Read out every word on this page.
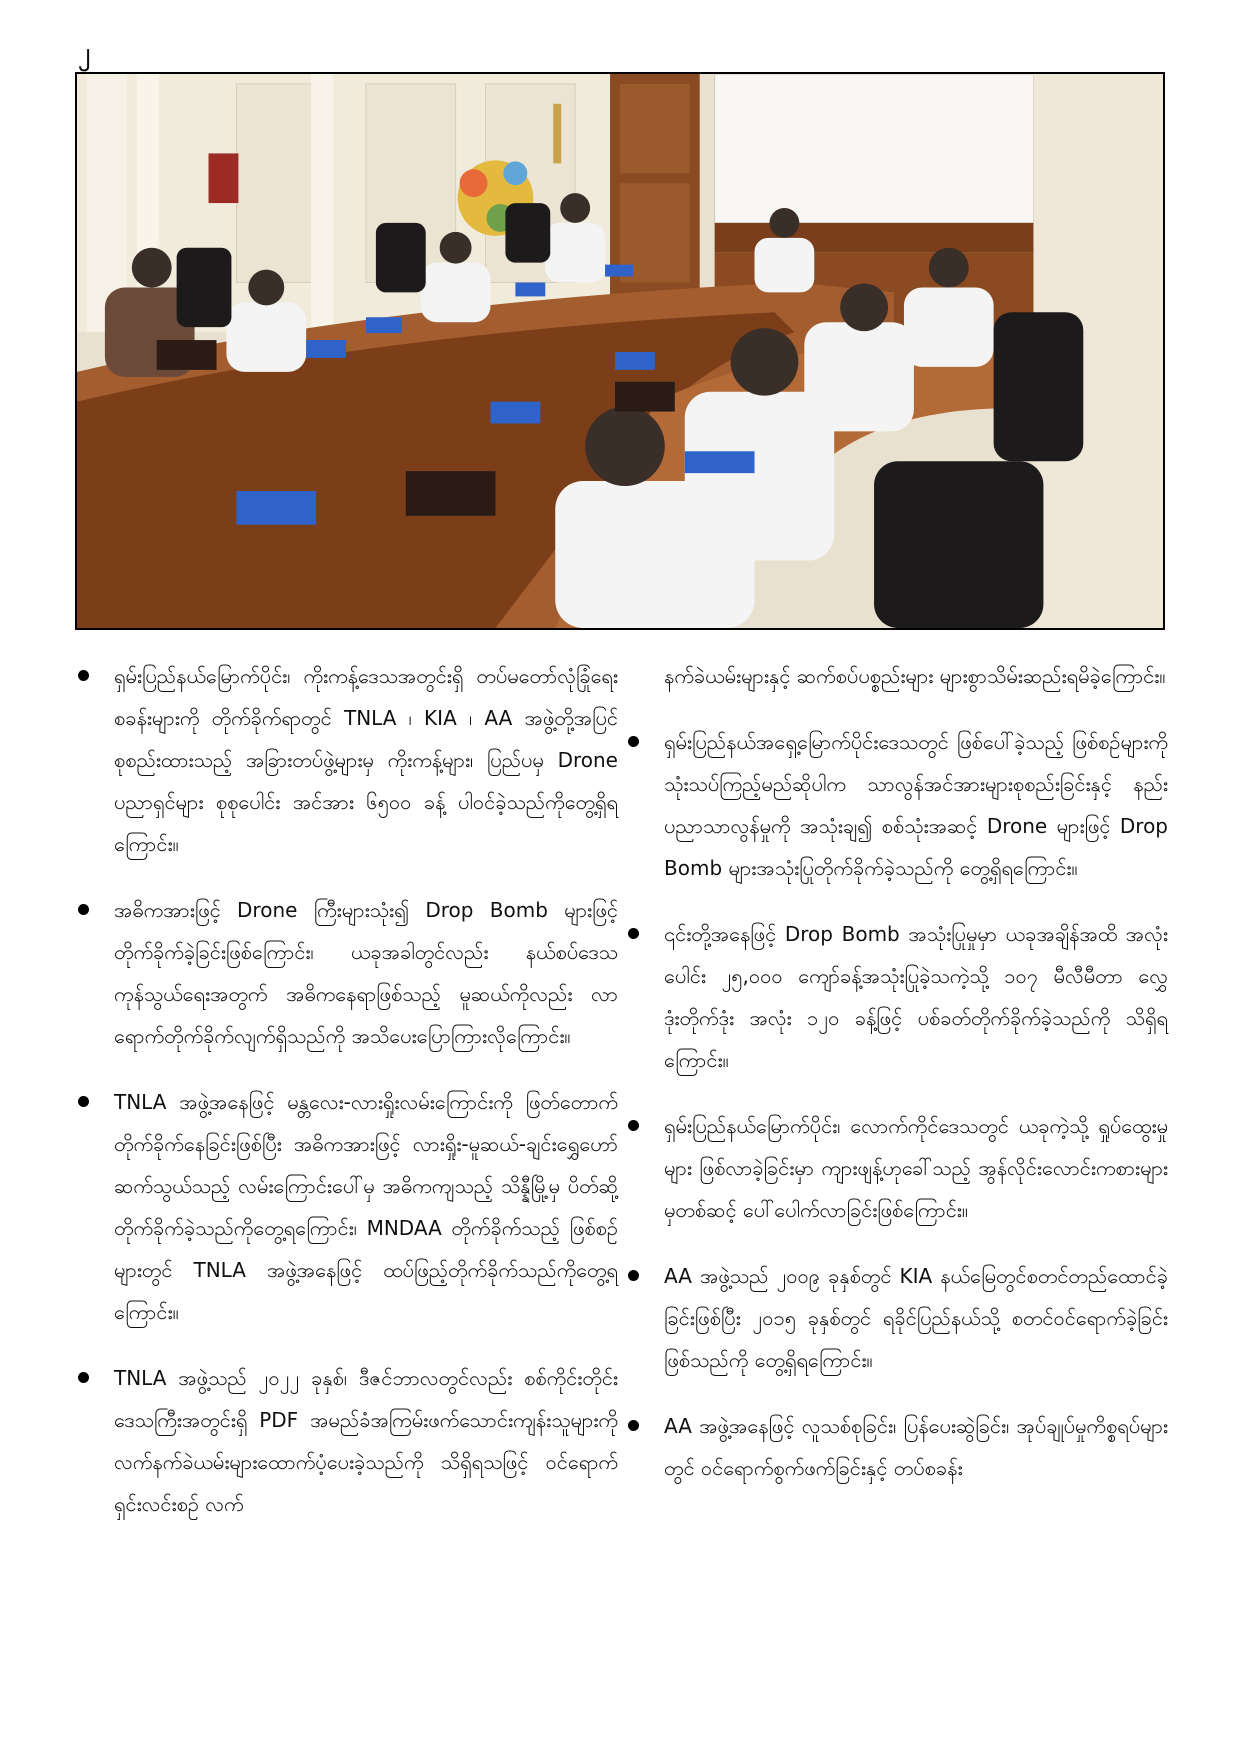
၂
ရှမ်းပြည်နယ်မြောက်ပိုင်း၊ ကိုးကန့်ဒေသအတွင်းရှိ တပ်မတော်လုံခြုံရေးစခန်းများကို တိုက်ခိုက်ရာတွင် TNLA ၊ KIA ၊ AA အဖွဲ့တို့အပြင် စုစည်းထားသည့် အခြားတပ်ဖွဲ့များမှ ကိုးကန့်များ၊ ပြည်ပမှ Drone ပညာရှင်များ စုစုပေါင်း အင်အား ၆၅၀၀ ခန့် ပါဝင်ခဲ့သည်ကိုတွေ့ရှိရကြောင်း။
အဓိကအားဖြင့် Drone ကြီးများသုံး၍ Drop Bomb များဖြင့် တိုက်ခိုက်ခဲ့ခြင်းဖြစ်ကြောင်း၊ ယခုအခါတွင်လည်း နယ်စပ်ဒေသကုန်သွယ်ရေးအတွက် အဓိကနေရာဖြစ်သည့် မူဆယ်ကိုလည်း လာရောက်တိုက်ခိုက်လျက်ရှိသည်ကို အသိပေးပြောကြားလိုကြောင်း။
TNLA အဖွဲ့အနေဖြင့် မန္တလေး-လားရှိုးလမ်းကြောင်းကို ဖြတ်တောက်တိုက်ခိုက်နေခြင်းဖြစ်ပြီး အဓိကအားဖြင့် လားရှိုး-မူဆယ်-ချင်းရွှေဟော် ဆက်သွယ်သည့် လမ်းကြောင်းပေါ်မှ အဓိကကျသည့် သိန္နီမြို့မှ ပိတ်ဆို့တိုက်ခိုက်ခဲ့သည်ကိုတွေ့ရကြောင်း၊ MNDAA တိုက်ခိုက်သည့် ဖြစ်စဉ်များတွင် TNLA အဖွဲ့အနေဖြင့် ထပ်ဖြည့်တိုက်ခိုက်သည်ကိုတွေ့ရကြောင်း။
TNLA အဖွဲ့သည် ၂၀၂၂ ခုနှစ်၊ ဒီဇင်ဘာလတွင်လည်း စစ်ကိုင်းတိုင်းဒေသကြီးအတွင်းရှိ PDF အမည်ခံအကြမ်းဖက်သောင်းကျန်းသူများကို လက်နက်ခဲယမ်းများထောက်ပံ့ပေးခဲ့သည်ကို သိရှိရသဖြင့် ဝင်ရောက်ရှင်းလင်းစဉ် လက်
နက်ခဲယမ်းများနှင့် ဆက်စပ်ပစ္စည်းများ များစွာသိမ်းဆည်းရမိခဲ့ကြောင်း။
ရှမ်းပြည်နယ်အရှေ့မြောက်ပိုင်းဒေသတွင် ဖြစ်ပေါ်ခဲ့သည့် ဖြစ်စဉ်များကို သုံးသပ်ကြည့်မည်ဆိုပါက သာလွန်အင်အားများစုစည်းခြင်းနှင့် နည်းပညာသာလွန်မှုကို အသုံးချ၍ စစ်သုံးအဆင့် Drone များဖြင့် Drop Bomb များအသုံးပြုတိုက်ခိုက်ခဲ့သည်ကို တွေ့ရှိရကြောင်း။
၎င်းတို့အနေဖြင့် Drop Bomb အသုံးပြုမှုမှာ ယခုအချိန်အထိ အလုံးပေါင်း ၂၅,၀၀၀ ကျော်ခန့်အသုံးပြုခဲ့သကဲ့သို့ ၁၀၇ မီလီမီတာ လွှေဒုံးတိုက်ဒုံး အလုံး ၁၂၀ ခန့်ဖြင့် ပစ်ခတ်တိုက်ခိုက်ခဲ့သည်ကို သိရှိရကြောင်း။
ရှမ်းပြည်နယ်မြောက်ပိုင်း၊ လောက်ကိုင်ဒေသတွင် ယခုကဲ့သို့ ရှုပ်ထွေးမှုများ ဖြစ်လာခဲ့ခြင်းမှာ ကျားဖျန့်ဟုခေါ်သည့် အွန်လိုင်းလောင်းကစားများမှတစ်ဆင့် ပေါ်ပေါက်လာခြင်းဖြစ်ကြောင်း။
AA အဖွဲ့သည် ၂၀၀၉ ခုနှစ်တွင် KIA နယ်မြေတွင်စတင်တည်ထောင်ခဲ့ခြင်းဖြစ်ပြီး ၂၀၁၅ ခုနှစ်တွင် ရခိုင်ပြည်နယ်သို့ စတင်ဝင်ရောက်ခဲ့ခြင်းဖြစ်သည်ကို တွေ့ရှိရကြောင်း။
AA အဖွဲ့အနေဖြင့် လူသစ်စုခြင်း၊ ပြန်ပေးဆွဲခြင်း၊ အုပ်ချုပ်မှုကိစ္စရပ်များတွင် ဝင်ရောက်စွက်ဖက်ခြင်းနှင့် တပ်စခန်း
